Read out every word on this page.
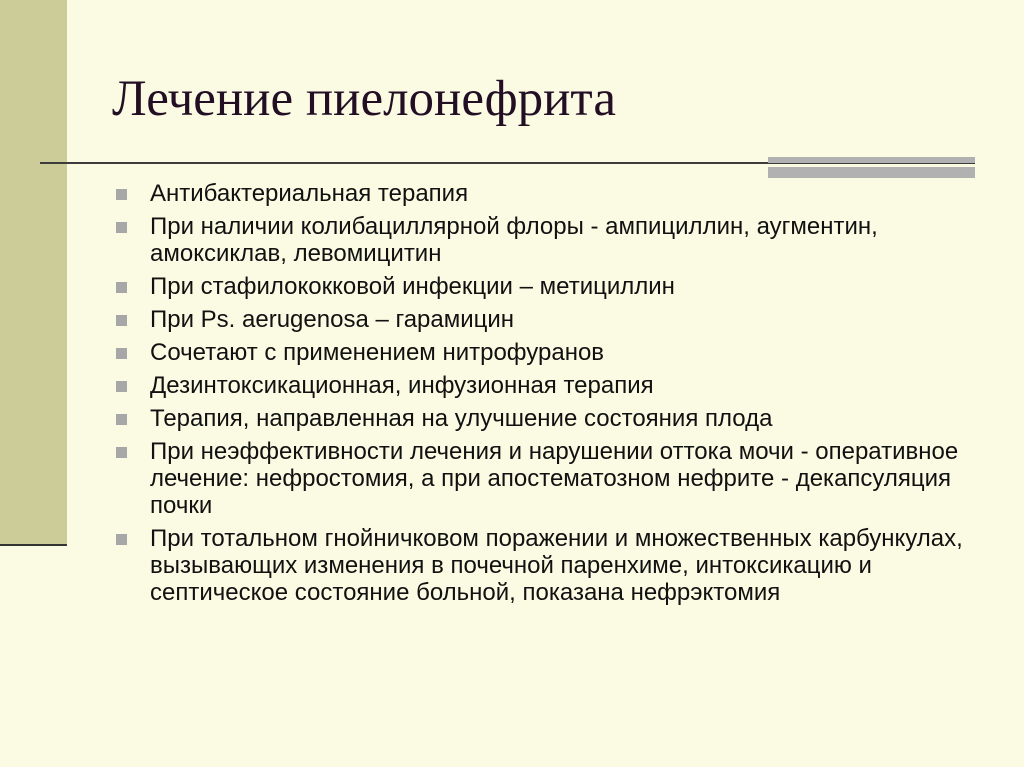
Лечение пиелонефрита
Антибактериальная терапия
При наличии колибациллярной флоры - ампициллин, аугментин, амоксиклав, левомицитин
При стафилококковой инфекции – метициллин
При Ps. aerugenosa – гарамицин
Сочетают с применением нитрофуранов
Дезинтоксикационная, инфузионная терапия
Терапия, направленная на улучшение состояния плода
При неэффективности лечения и нарушении оттока мочи - оперативное лечение: нефростомия, а при апостематозном нефрите - декапсуляция почки
При тотальном гнойничковом поражении и множественных карбункулах, вызывающих изменения в почечной паренхиме, интоксикацию и септическое состояние больной, показана нефрэктомия
